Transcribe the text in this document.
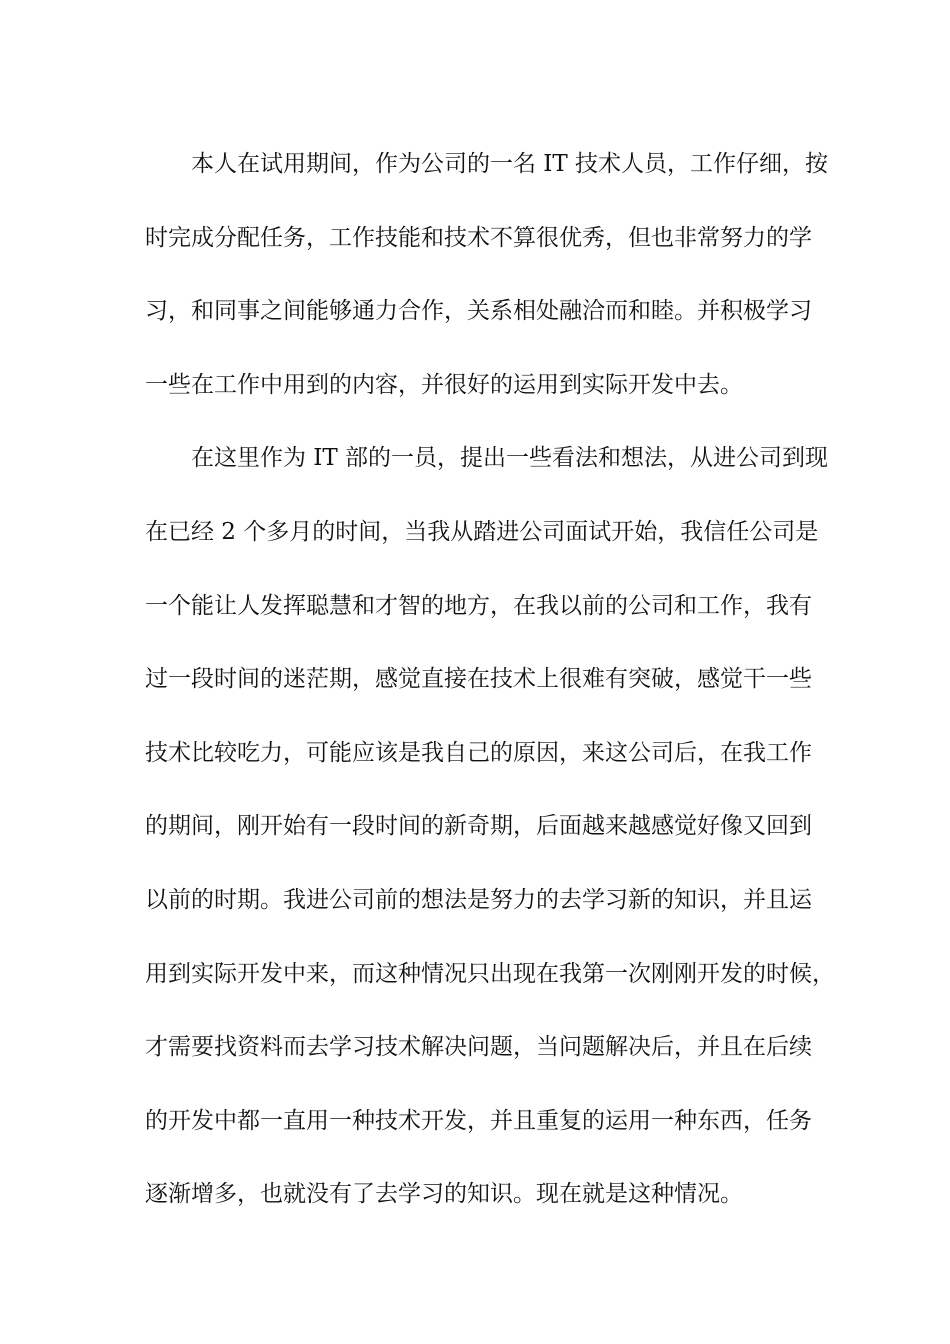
本人在试用期间，作为公司的一名 IT 技术人员，工作仔细，按
时完成分配任务，工作技能和技术不算很优秀，但也非常努力的学
习，和同事之间能够通力合作，关系相处融洽而和睦。并积极学习
一些在工作中用到的内容，并很好的运用到实际开发中去。
在这里作为 IT 部的一员，提出一些看法和想法，从进公司到现
在已经 2 个多月的时间，当我从踏进公司面试开始，我信任公司是
一个能让人发挥聪慧和才智的地方，在我以前的公司和工作，我有
过一段时间的迷茫期，感觉直接在技术上很难有突破，感觉干一些
技术比较吃力，可能应该是我自己的原因，来这公司后，在我工作
的期间，刚开始有一段时间的新奇期，后面越来越感觉好像又回到
以前的时期。我进公司前的想法是努力的去学习新的知识，并且运
用到实际开发中来，而这种情况只出现在我第一次刚刚开发的时候，
才需要找资料而去学习技术解决问题，当问题解决后，并且在后续
的开发中都一直用一种技术开发，并且重复的运用一种东西，任务
逐渐增多，也就没有了去学习的知识。现在就是这种情况。
